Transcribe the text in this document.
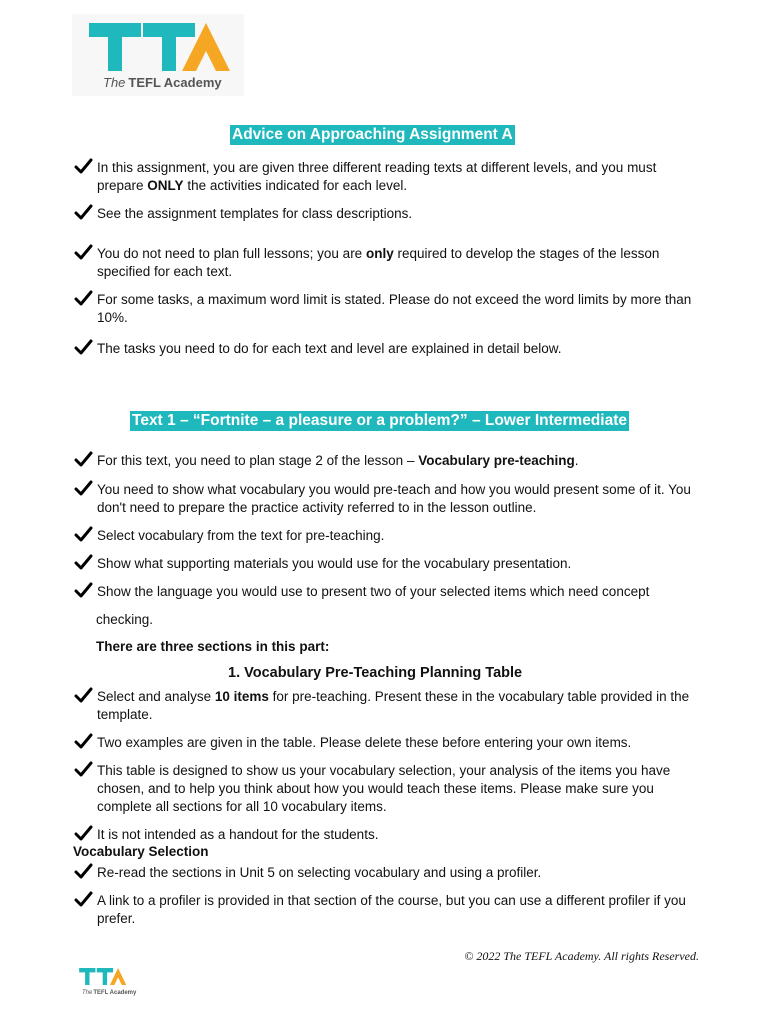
The TEFL Academy
Advice on Approaching Assignment A
In this assignment, you are given three different reading texts at different levels, and you must prepare ONLY the activities indicated for each level.
See the assignment templates for class descriptions.
You do not need to plan full lessons; you are only required to develop the stages of the lesson specified for each text.
For some tasks, a maximum word limit is stated. Please do not exceed the word limits by more than 10%.
The tasks you need to do for each text and level are explained in detail below.
Text 1 – “Fortnite – a pleasure or a problem?” – Lower Intermediate
For this text, you need to plan stage 2 of the lesson – Vocabulary pre-teaching.
You need to show what vocabulary you would pre-teach and how you would present some of it. You don't need to prepare the practice activity referred to in the lesson outline.
Select vocabulary from the text for pre-teaching.
Show what supporting materials you would use for the vocabulary presentation.
Show the language you would use to present two of your selected items which need concept
checking.
There are three sections in this part:
1. Vocabulary Pre-Teaching Planning Table
Select and analyse 10 items for pre-teaching. Present these in the vocabulary table provided in the template.
Two examples are given in the table. Please delete these before entering your own items.
This table is designed to show us your vocabulary selection, your analysis of the items you have chosen, and to help you think about how you would teach these items. Please make sure you complete all sections for all 10 vocabulary items.
It is not intended as a handout for the students.
Vocabulary Selection
Re-read the sections in Unit 5 on selecting vocabulary and using a profiler.
A link to a profiler is provided in that section of the course, but you can use a different profiler if you prefer.
© 2022 The TEFL Academy. All rights Reserved.
TheTEFL Academy
